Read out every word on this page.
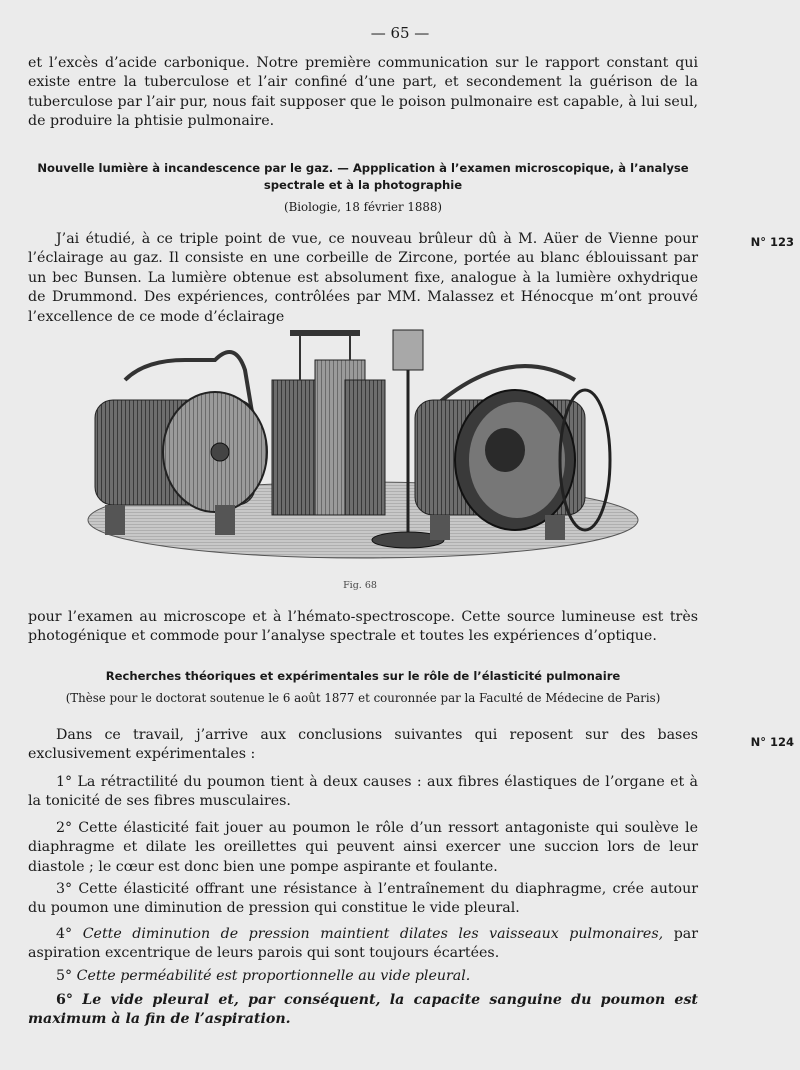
— 65 —
et l’excès d’acide carbonique. Notre première communication sur le rapport constant qui existe entre la tuberculose et l’air confiné d’une part, et secondement la guérison de la tuberculose par l’air pur, nous fait supposer que le poison pulmonaire est capable, à lui seul, de produire la phtisie pulmonaire.
Nouvelle lumière à incandescence par le gaz. — Appplication à l’examen microscopique, à l’analyse spectrale et à la photographie
(Biologie, 18 février 1888)
N° 123
J’ai étudié, à ce triple point de vue, ce nouveau brûleur dû à M. Aüer de Vienne pour l’éclairage au gaz. Il consiste en une corbeille de Zircone, portée au blanc éblouissant par un bec Bunsen. La lumière obtenue est absolument fixe, analogue à la lumière oxhydrique de Drummond. Des expériences, contrôlées par MM. Malassez et Hénocque m’ont prouvé l’excellence de ce mode d’éclairage
Fig. 68
pour l’examen au microscope et à l’hémato-spectroscope. Cette source lumineuse est très photogénique et commode pour l’analyse spectrale et toutes les expériences d’optique.
Recherches théoriques et expérimentales sur le rôle de l’élasticité pulmonaire
(Thèse pour le doctorat soutenue le 6 août 1877 et couronnée par la Faculté de Médecine de Paris)
N° 124
Dans ce travail, j’arrive aux conclusions suivantes qui reposent sur des bases exclusivement expérimentales :
1° La rétractilité du poumon tient à deux causes : aux fibres élastiques de l’organe et à la tonicité de ses fibres musculaires.
2° Cette élasticité fait jouer au poumon le rôle d’un ressort antagoniste qui soulève le diaphragme et dilate les oreillettes qui peuvent ainsi exercer une succion lors de leur diastole ; le cœur est donc bien une pompe aspirante et foulante.
3° Cette élasticité offrant une résistance à l’entraînement du diaphragme, crée autour du poumon une diminution de pression qui constitue le vide pleural.
4° Cette diminution de pression maintient dilates les vaisseaux pulmonaires, par aspiration excentrique de leurs parois qui sont toujours écartées.
5° Cette perméabilité est proportionnelle au vide pleural.
6° Le vide pleural et, par conséquent, la capacite sanguine du poumon est maximum à la fin de l’aspiration.
